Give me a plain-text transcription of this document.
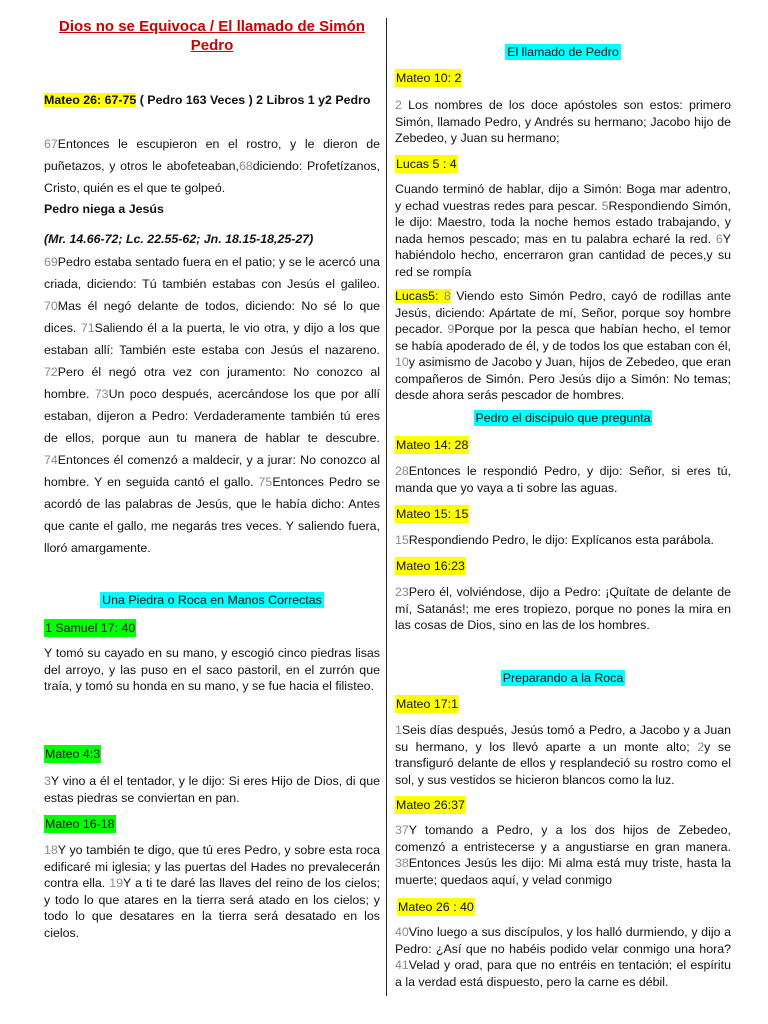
Dios no se Equivoca / El llamado de Simón Pedro
Mateo 26: 67-75 ( Pedro 163 Veces ) 2 Libros 1 y2 Pedro

67Entonces le escupieron en el rostro, y le dieron de puñetazos, y otros le abofeteaban,68diciendo: Profetízanos, Cristo, quién es el que te golpeó.

Pedro niega a Jesús
(Mr. 14.66-72; Lc. 22.55-62; Jn. 18.15-18,25-27)

69Pedro estaba sentado fuera en el patio; y se le acercó una criada, diciendo: Tú también estabas con Jesús el galileo. 70Mas él negó delante de todos, diciendo: No sé lo que dices. 71Saliendo él a la puerta, le vio otra, y dijo a los que estaban allí: También este estaba con Jesús el nazareno. 72Pero él negó otra vez con juramento: No conozco al hombre. 73Un poco después, acercándose los que por allí estaban, dijeron a Pedro: Verdaderamente también tú eres de ellos, porque aun tu manera de hablar te descubre. 74Entonces él comenzó a maldecir, y a jurar: No conozco al hombre. Y en seguida cantó el gallo. 75Entonces Pedro se acordó de las palabras de Jesús, que le había dicho: Antes que cante el gallo, me negarás tres veces. Y saliendo fuera, lloró amargamente.

Una Piedra o Roca en Manos Correctas
1 Samuel 17: 40

Y tomó su cayado en su mano, y escogió cinco piedras lisas del arroyo, y las puso en el saco pastoril, en el zurrón que traía, y tomó su honda en su mano, y se fue hacia el filisteo.

Mateo 4:3

3Y vino a él el tentador, y le dijo: Si eres Hijo de Dios, di que estas piedras se conviertan en pan.

Mateo 16-18

18Y yo también te digo, que tú eres Pedro, y sobre esta roca edificaré mi iglesia; y las puertas del Hades no prevalecerán contra ella. 19Y a ti te daré las llaves del reino de los cielos; y todo lo que atares en la tierra será atado en los cielos; y todo lo que desatares en la tierra será desatado en los cielos.

El llamado de Pedro
Mateo 10: 2

2 Los nombres de los doce apóstoles son estos: primero Simón, llamado Pedro, y Andrés su hermano; Jacobo hijo de Zebedeo, y Juan su hermano;

Lucas 5 : 4

Cuando terminó de hablar, dijo a Simón: Boga mar adentro, y echad vuestras redes para pescar. 5Respondiendo Simón, le dijo: Maestro, toda la noche hemos estado trabajando, y nada hemos pescado; mas en tu palabra echaré la red. 6Y habiéndolo hecho, encerraron gran cantidad de peces,y su red se rompía

Lucas5: 8 Viendo esto Simón Pedro, cayó de rodillas ante Jesús, diciendo: Apártate de mí, Señor, porque soy hombre pecador. 9Porque por la pesca que habían hecho, el temor se había apoderado de él, y de todos los que estaban con él, 10y asimismo de Jacobo y Juan, hijos de Zebedeo, que eran compañeros de Simón. Pero Jesús dijo a Simón: No temas; desde ahora serás pescador de hombres.

Pedro el discípulo que pregunta
Mateo 14: 28

28Entonces le respondió Pedro, y dijo: Señor, si eres tú, manda que yo vaya a ti sobre las aguas.

Mateo 15: 15

15Respondiendo Pedro, le dijo: Explícanos esta parábola.

Mateo 16:23

23Pero él, volviéndose, dijo a Pedro: ¡Quítate de delante de mí, Satanás!; me eres tropiezo, porque no pones la mira en las cosas de Dios, sino en las de los hombres.

Preparando a la Roca
Mateo 17:1

1Seis días después, Jesús tomó a Pedro, a Jacobo y a Juan su hermano, y los llevó aparte a un monte alto; 2y se transfiguró delante de ellos y resplandeció su rostro como el sol, y sus vestidos se hicieron blancos como la luz.

Mateo 26:37

37Y tomando a Pedro, y a los dos hijos de Zebedeo, comenzó a entristecerse y a angustiarse en gran manera. 38Entonces Jesús les dijo: Mi alma está muy triste, hasta la muerte; quedaos aquí, y velad conmigo

Mateo 26 : 40

40Vino luego a sus discípulos, y los halló durmiendo, y dijo a Pedro: ¿Así que no habéis podido velar conmigo una hora? 41Velad y orad, para que no entréis en tentación; el espíritu a la verdad está dispuesto, pero la carne es débil.
